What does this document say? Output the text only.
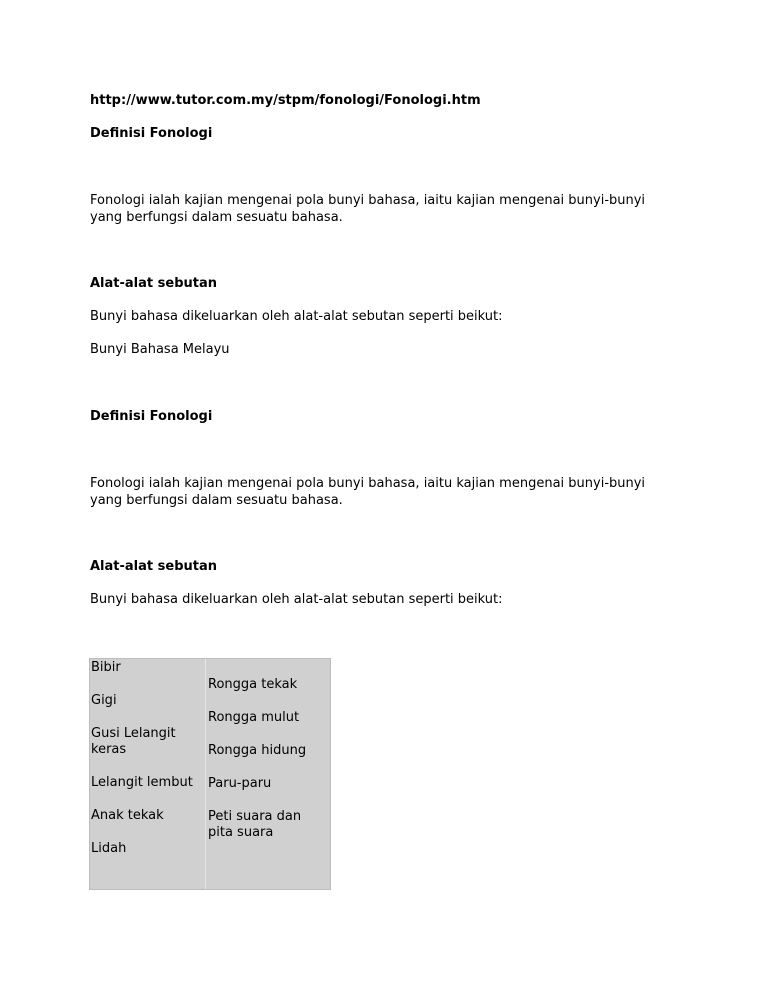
http://www.tutor.com.my/stpm/fonologi/Fonologi.htm

Definisi Fonologi

Fonologi ialah kajian mengenai pola bunyi bahasa, iaitu kajian mengenai bunyi-bunyi yang berfungsi dalam sesuatu bahasa.

Alat-alat sebutan

Bunyi bahasa dikeluarkan oleh alat-alat sebutan seperti beikut:

Bunyi Bahasa Melayu

Definisi Fonologi

Fonologi ialah kajian mengenai pola bunyi bahasa, iaitu kajian mengenai bunyi-bunyi yang berfungsi dalam sesuatu bahasa.

Alat-alat sebutan

Bunyi bahasa dikeluarkan oleh alat-alat sebutan seperti beikut:

Bibir

Gigi

Gusi Lelangit keras

Lelangit lembut

Anak tekak

Lidah

Rongga tekak

Rongga mulut

Rongga hidung

Paru-paru

Peti suara dan pita suara
